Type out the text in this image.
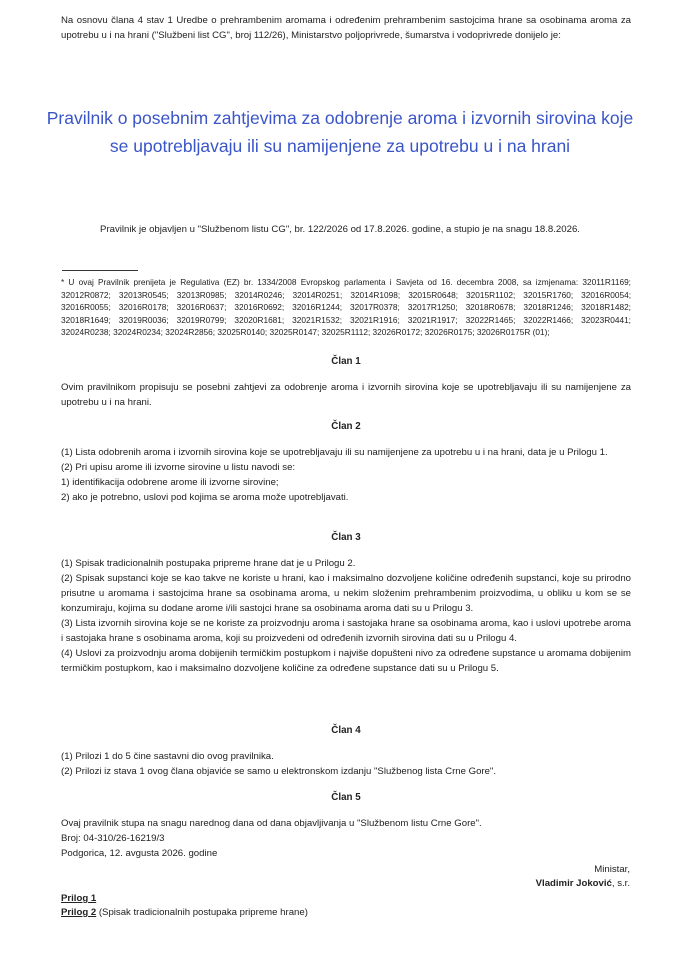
Na osnovu člana 4 stav 1 Uredbe o prehrambenim aromama i određenim prehrambenim sastojcima hrane sa osobinama aroma za upotrebu u i na hrani ("Službeni list CG", broj 112/26), Ministarstvo poljoprivrede, šumarstva i vodoprivrede donijelo je:

Pravilnik o posebnim zahtjevima za odobrenje aroma i izvornih sirovina koje se upotrebljavaju ili su namijenjene za upotrebu u i na hrani
Pravilnik je objavljen u "Službenom listu CG", br. 122/2026 od 17.8.2026. godine, a stupio je na snagu 18.8.2026.

* U ovaj Pravilnik prenijeta je Regulativa (EZ) br. 1334/2008 Evropskog parlamenta i Savjeta od 16. decembra 2008, sa izmjenama: 32011R1169; 32012R0872; 32013R0545; 32013R0985; 32014R0246; 32014R0251; 32014R1098; 32015R0648; 32015R1102; 32015R1760; 32016R0054; 32016R0055; 32016R0178; 32016R0637; 32016R0692; 32016R1244; 32017R0378; 32017R1250; 32018R0678; 32018R1246; 32018R1482; 32018R1649; 32019R0036; 32019R0799; 32020R1681; 32021R1532; 32021R1916; 32021R1917; 32022R1465; 32022R1466; 32023R0441; 32024R0238; 32024R0234; 32024R2856; 32025R0140; 32025R0147; 32025R1112; 32026R0172; 32026R0175; 32026R0175R (01);

Član 1

Ovim pravilnikom propisuju se posebni zahtjevi za odobrenje aroma i izvornih sirovina koje se upotrebljavaju ili su namijenjene za upotrebu u i na hrani.

Član 2

(1) Lista odobrenih aroma i izvornih sirovina koje se upotrebljavaju ili su namijenjene za upotrebu u i na hrani, data je u Prilogu 1.

(2) Pri upisu arome ili izvorne sirovine u listu navodi se:

1) identifikacija odobrene arome ili izvorne sirovine;

2) ako je potrebno, uslovi pod kojima se aroma može upotrebljavati.

Član 3

(1) Spisak tradicionalnih postupaka pripreme hrane dat je u Prilogu 2.

(2) Spisak supstanci koje se kao takve ne koriste u hrani, kao i maksimalno dozvoljene količine određenih supstanci, koje su prirodno prisutne u aromama i sastojcima hrane sa osobinama aroma, u nekim složenim prehrambenim proizvodima, u obliku u kom se se konzumiraju, kojima su dodane arome i/ili sastojci hrane sa osobinama aroma dati su u Prilogu 3.

(3) Lista izvornih sirovina koje se ne koriste za proizvodnju aroma i sastojaka hrane sa osobinama aroma, kao i uslovi upotrebe aroma i sastojaka hrane s osobinama aroma, koji su proizvedeni od određenih izvornih sirovina dati su u Prilogu 4.

(4) Uslovi za proizvodnju aroma dobijenih termičkim postupkom i najviše dopušteni nivo za određene supstance u aromama dobijenim termičkim postupkom, kao i maksimalno dozvoljene količine za određene supstance dati su u Prilogu 5.

Član 4

(1) Prilozi 1 do 5 čine sastavni dio ovog pravilnika.

(2) Prilozi iz stava 1 ovog člana objaviće se samo u elektronskom izdanju "Službenog lista Crne Gore".

Član 5

Ovaj pravilnik stupa na snagu narednog dana od dana objavljivanja u "Službenom listu Crne Gore".

Broj: 04-310/26-16219/3

Podgorica, 12. avgusta 2026. godine

Ministar,
Vladimir Joković, s.r.
Prilog 1
Prilog 2 (Spisak tradicionalnih postupaka pripreme hrane)
